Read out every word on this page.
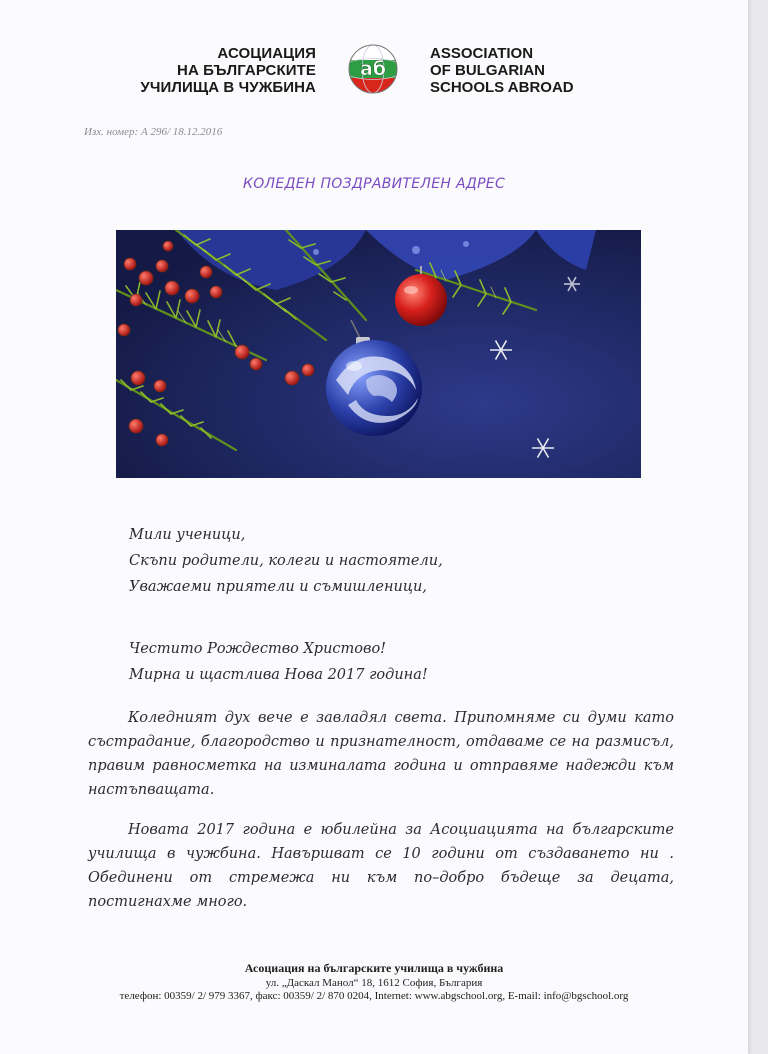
АСОЦИАЦИЯ
НА БЪЛГАРСКИТЕ
УЧИЛИЩА В ЧУЖБИНА
аб
ASSOCIATION
OF BULGARIAN
SCHOOLS ABROAD
Изх. номер: А 296/ 18.12.2016
КОЛЕДЕН ПОЗДРАВИТЕЛЕН АДРЕС
Мили ученици,
Скъпи родители, колеги и настоятели,
Уважаеми приятели и съмишленици,
Честито Рождество Христово!
Мирна и щастлива Нова 2017 година!
Коледният дух вече е завладял света. Припомняме си думи като състрадание, благородство и признателност, отдаваме се на размисъл, правим равносметка на изминалата година и отправяме надежди към настъпващата.
Новата 2017 година е юбилейна за Асоциацията на българските училища в чужбина. Навършват се 10 години от създаването ни . Обединени от стремежа ни към по–добро бъдеще за децата, постигнахме много.
Асоциация на българските училища в чужбина
ул. „Даскал Манол“ 18, 1612 София, България
телефон: 00359/ 2/ 979 3367, факс: 00359/ 2/ 870 0204, Internet: www.abgschool.org, E-mail: info@bgschool.org
